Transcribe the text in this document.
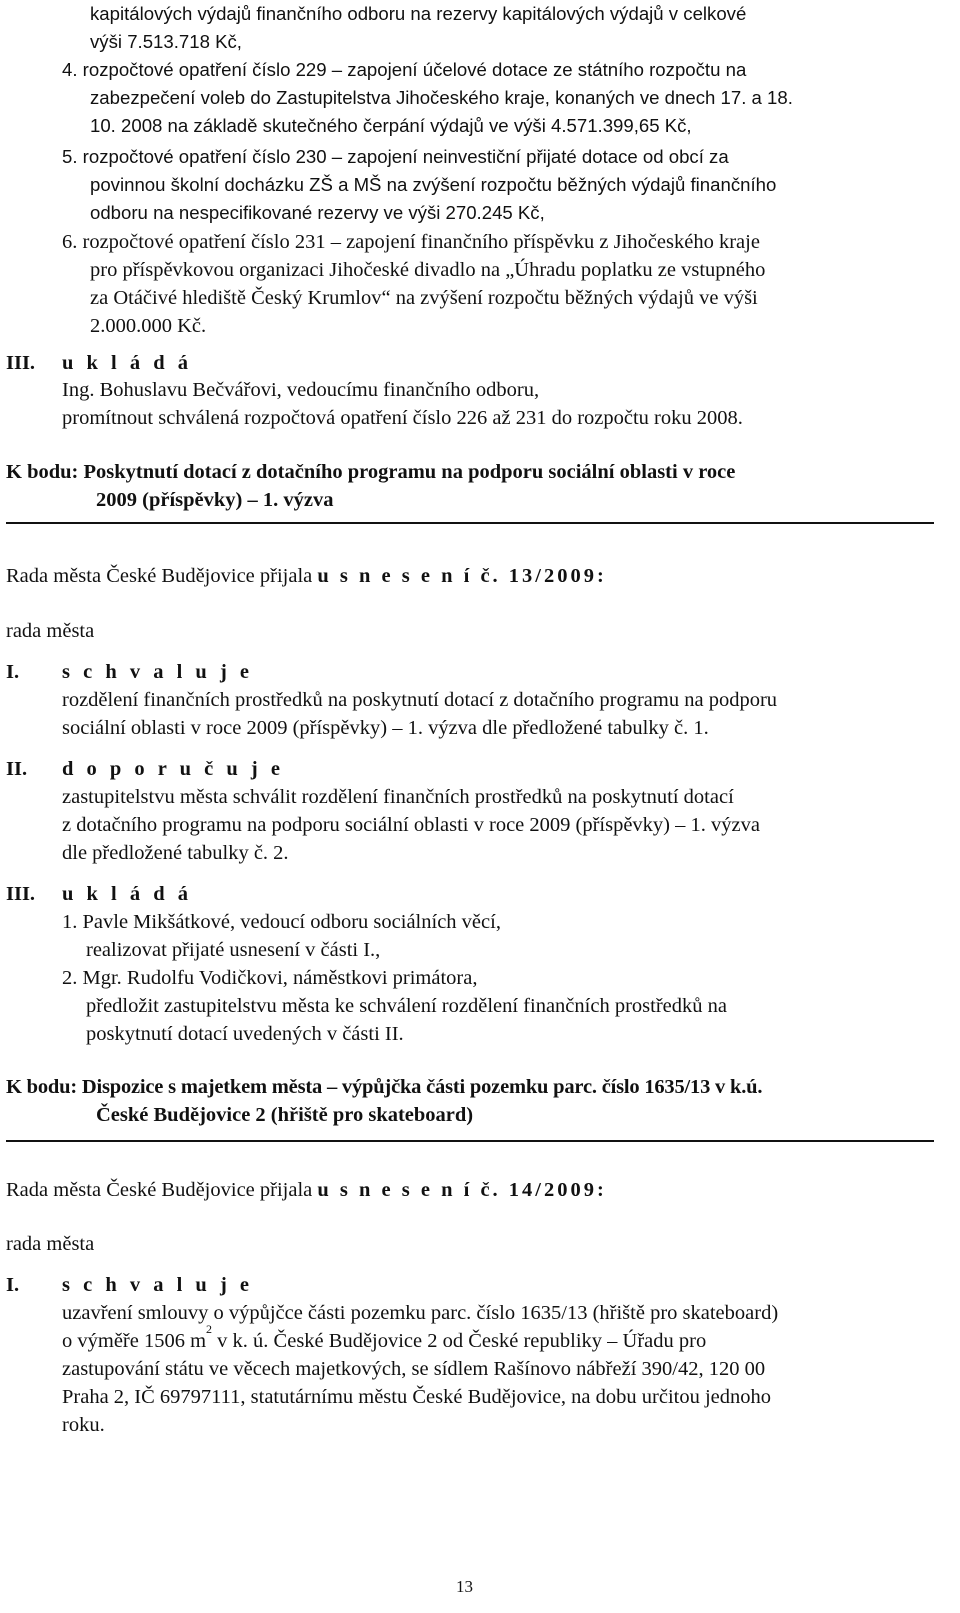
kapitálových výdajů finančního odboru na rezervy kapitálových výdajů v celkové
výši 7.513.718 Kč,
4. rozpočtové opatření číslo 229 – zapojení účelové dotace ze státního rozpočtu na
zabezpečení voleb do Zastupitelstva Jihočeského kraje, konaných ve dnech 17. a 18.
10. 2008 na základě skutečného čerpání výdajů ve výši 4.571.399,65 Kč,
5. rozpočtové opatření číslo 230 – zapojení neinvestiční přijaté dotace od obcí za
povinnou školní docházku ZŠ a MŠ na zvýšení rozpočtu běžných výdajů finančního
odboru na nespecifikované rezervy ve výši 270.245 Kč,
6. rozpočtové opatření číslo 231 – zapojení finančního příspěvku z Jihočeského kraje
pro příspěvkovou organizaci Jihočeské divadlo na „Úhradu poplatku ze vstupného
za Otáčivé hlediště Český Krumlov“ na zvýšení rozpočtu běžných výdajů ve výši
2.000.000 Kč.
III. u k l á d á
Ing. Bohuslavu Bečvářovi, vedoucímu finančního odboru,
promítnout schválená rozpočtová opatření číslo 226 až 231 do rozpočtu roku 2008.
K bodu: Poskytnutí dotací z dotačního programu na podporu sociální oblasti v roce
2009 (příspěvky) – 1. výzva
Rada města České Budějovice přijala u s n e s e n í č. 13/2009:
rada města
I. s c h v a l u j e
rozdělení finančních prostředků na poskytnutí dotací z dotačního programu na podporu
sociální oblasti v roce 2009 (příspěvky) – 1. výzva dle předložené tabulky č. 1.
II. d o p o r u č u j e
zastupitelstvu města schválit rozdělení finančních prostředků na poskytnutí dotací
z dotačního programu na podporu sociální oblasti v roce 2009 (příspěvky) – 1. výzva
dle předložené tabulky č. 2.
III. u k l á d á
1. Pavle Mikšátkové, vedoucí odboru sociálních věcí,
realizovat přijaté usnesení v části I.,
2. Mgr. Rudolfu Vodičkovi, náměstkovi primátora,
předložit zastupitelstvu města ke schválení rozdělení finančních prostředků na
poskytnutí dotací uvedených v části II.
K bodu: Dispozice s majetkem města – výpůjčka části pozemku parc. číslo 1635/13 v k.ú.
České Budějovice 2 (hřiště pro skateboard)
Rada města České Budějovice přijala u s n e s e n í č. 14/2009:
rada města
I. s c h v a l u j e
uzavření smlouvy o výpůjčce části pozemku parc. číslo 1635/13 (hřiště pro skateboard)
o výměře 1506 $m^2$ v k. ú. České Budějovice 2 od České republiky – Úřadu pro
zastupování státu ve věcech majetkových, se sídlem Rašínovo nábřeží 390/42, 120 00
Praha 2, IČ 69797111, statutárnímu městu České Budějovice, na dobu určitou jednoho
roku.
13
